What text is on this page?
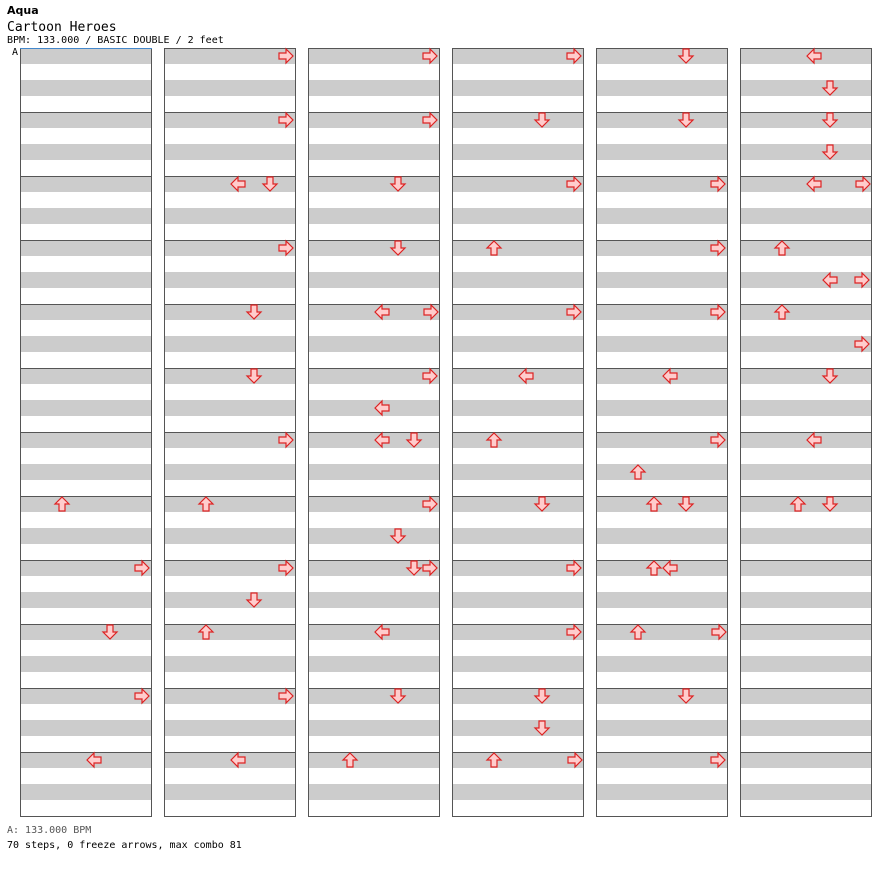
Aqua
Cartoon Heroes
BPM: 133.000 / BASIC DOUBLE / 2 feet
A
A: 133.000 BPM
70 steps, 0 freeze arrows, max combo 81
